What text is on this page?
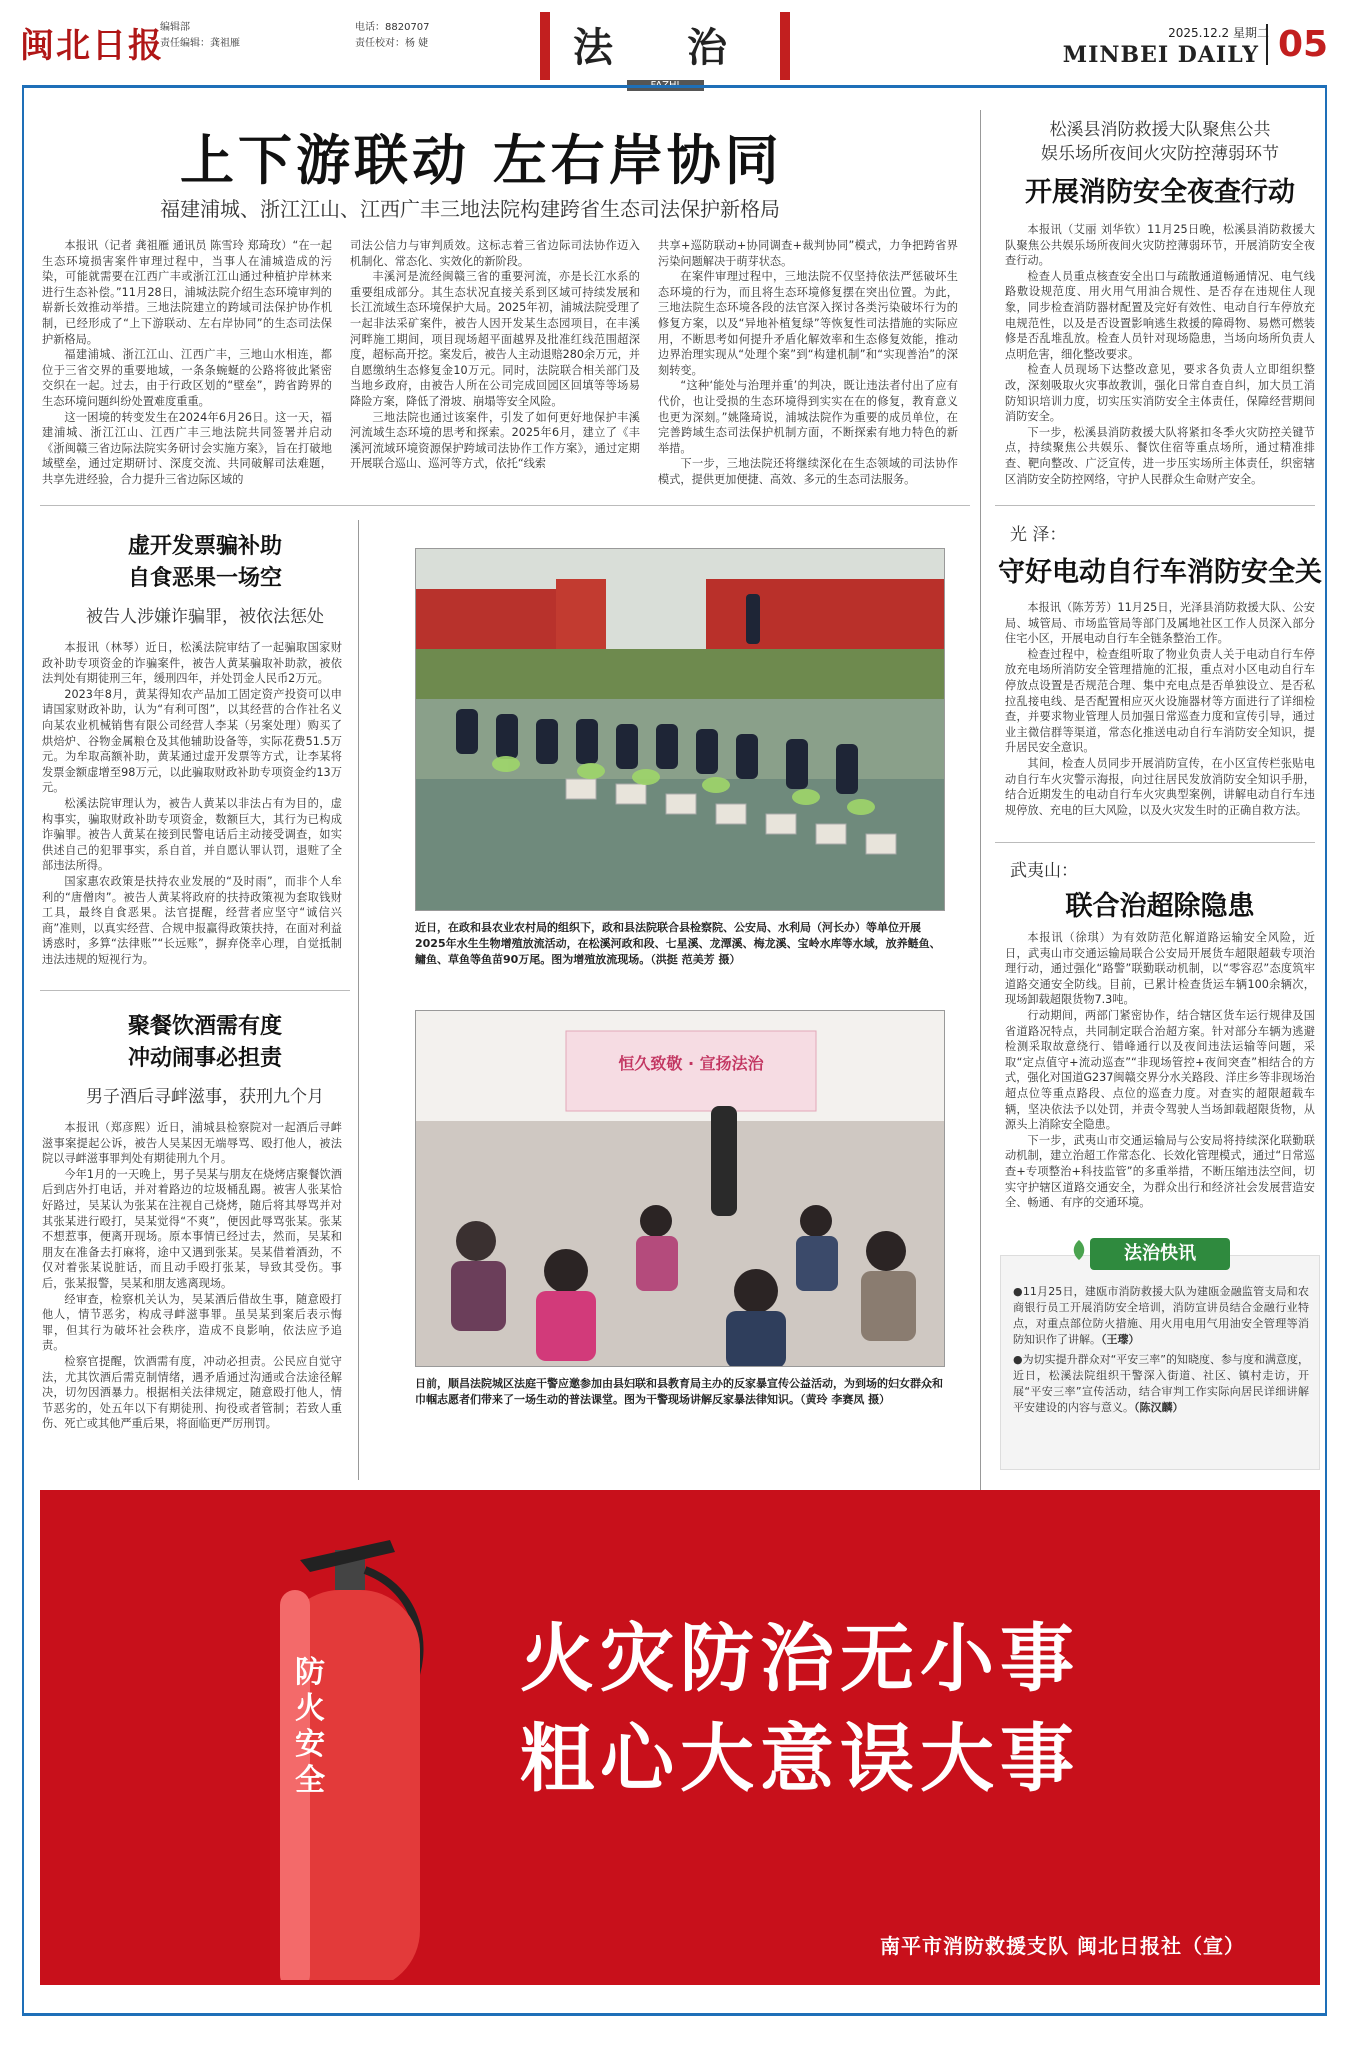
闽北日报
编辑部
责任编辑：龚祖雁
电话：8820707
责任校对：杨 婕	法 治	2025.12.2 星期二
MINBEI DAILY 05
上下游联动 左右岸协同
福建浦城、浙江江山、江西广丰三地法院构建跨省生态司法保护新格局

本报讯（记者 龚祖雁 通讯员 陈雪玲 郑琦玫）“在一起生态环境损害案件审理过程中，当事人在浦城造成的污染，可能就需要在江西广丰或浙江江山通过种植护岸林来进行生态补偿。”11月28日，浦城法院介绍生态环境审判的崭新长效推动举措。三地法院建立的跨域司法保护协作机制，已经形成了“上下游联动、左右岸协同”的生态司法保护新格局。

福建浦城、浙江江山、江西广丰，三地山水相连，都位于三省交界的重要地域，一条条蜿蜒的公路将彼此紧密交织在一起。过去，由于行政区划的“壁垒”，跨省跨界的生态环境问题纠纷处置难度重重。

这一困境的转变发生在2024年6月26日。这一天，福建浦城、浙江江山、江西广丰三地法院共同签署并启动《浙闽赣三省边际法院实务研讨会实施方案》，旨在打破地域壁垒，通过定期研讨、深度交流、共同破解司法难题，共享先进经验，合力提升三省边际区域的

司法公信力与审判质效。这标志着三省边际司法协作迈入机制化、常态化、实效化的新阶段。

丰溪河是流经闽赣三省的重要河流，亦是长江水系的重要组成部分。其生态状况直接关系到区域可持续发展和长江流域生态环境保护大局。2025年初，浦城法院受理了一起非法采矿案件，被告人因开发某生态园项目，在丰溪河畔施工期间，项目现场超平面越界及批准红线范围超深度，超标高开挖。案发后，被告人主动退赔280余万元，并自愿缴纳生态修复金10万元。同时，法院联合相关部门及当地乡政府，由被告人所在公司完成回园区回填等等场易降险方案，降低了滑坡、崩塌等安全风险。

三地法院也通过该案件，引发了如何更好地保护丰溪河流域生态环境的思考和探索。2025年6月，建立了《丰溪河流域环境资源保护跨域司法协作工作方案》，通过定期开展联合巡山、巡河等方式，依托“线索

共享+巡防联动+协同调查+裁判协同”模式，力争把跨省界污染问题解决于萌芽状态。

在案件审理过程中，三地法院不仅坚持依法严惩破坏生态环境的行为，而且将生态环境修复摆在突出位置。为此，三地法院生态环境各段的法官深入探讨各类污染破坏行为的修复方案，以及“异地补植复绿”等恢复性司法措施的实际应用，不断思考如何提升矛盾化解效率和生态修复效能，推动边界治理实现从“处理个案”到“构建机制”和“实现善治”的深刻转变。

“这种‘能处与治理并重’的判决，既让违法者付出了应有代价，也让受损的生态环境得到实实在在的修复，教育意义也更为深刻。”姚隆琦说，浦城法院作为重要的成员单位，在完善跨域生态司法保护机制方面，不断探索有地力特色的新举措。

下一步，三地法院还将继续深化在生态领域的司法协作模式，提供更加便捷、高效、多元的生态司法服务。

虚开发票骗补助
自食恶果一场空
被告人涉嫌诈骗罪，被依法惩处

本报讯（林琴）近日，松溪法院审结了一起骗取国家财政补助专项资金的诈骗案件，被告人黄某骗取补助款，被依法判处有期徒刑三年，缓刑四年，并处罚金人民币2万元。

2023年8月，黄某得知农产品加工固定资产投资可以申请国家财政补助，认为“有利可图”，以其经营的合作社名义向某农业机械销售有限公司经营人李某（另案处理）购买了烘焙炉、谷物金属粮仓及其他辅助设备等，实际花费51.5万元。为牟取高额补助，黄某通过虚开发票等方式，让李某将发票金额虚增至98万元，以此骗取财政补助专项资金约13万元。

松溪法院审理认为，被告人黄某以非法占有为目的，虚构事实，骗取财政补助专项资金，数额巨大，其行为已构成诈骗罪。被告人黄某在接到民警电话后主动接受调查，如实供述自己的犯罪事实，系自首，并自愿认罪认罚，退赃了全部违法所得。

国家惠农政策是扶持农业发展的“及时雨”，而非个人牟利的“唐僧肉”。被告人黄某将政府的扶持政策视为套取钱财工具，最终自食恶果。法官提醒，经营者应坚守“诚信兴商”准则，以真实经营、合规申报赢得政策扶持，在面对利益诱惑时，多算“法律账”“长远账”，摒弃侥幸心理，自觉抵制违法违规的短视行为。

聚餐饮酒需有度
冲动闹事必担责
男子酒后寻衅滋事，获刑九个月

本报讯（郑彦熙）近日，浦城县检察院对一起酒后寻衅滋事案提起公诉，被告人吴某因无端辱骂、殴打他人，被法院以寻衅滋事罪判处有期徒刑九个月。

今年1月的一天晚上，男子吴某与朋友在烧烤店聚餐饮酒后到店外打电话，并对着路边的垃圾桶乱踢。被害人张某恰好路过，吴某认为张某在注视自己烧烤，随后将其辱骂并对其张某进行殴打，吴某觉得“不爽”，便因此辱骂张某。张某不想惹事，便离开现场。原本事情已经过去，然而，吴某和朋友在准备去打麻将，途中又遇到张某。吴某借着酒劲，不仅对着张某说脏话，而且动手殴打张某，导致其受伤。事后，张某报警，吴某和朋友逃离现场。

经审查，检察机关认为，吴某酒后借故生事，随意殴打他人，情节恶劣，构成寻衅滋事罪。虽吴某到案后表示悔罪，但其行为破坏社会秩序，造成不良影响，依法应予追责。

检察官提醒，饮酒需有度，冲动必担责。公民应自觉守法，尤其饮酒后需克制情绪，遇矛盾通过沟通或合法途径解决，切勿因酒暴力。根据相关法律规定，随意殴打他人，情节恶劣的，处五年以下有期徒刑、拘役或者管制；若致人重伤、死亡或其他严重后果，将面临更严厉刑罚。

近日，在政和县农业农村局的组织下，政和县法院联合县检察院、公安局、水利局（河长办）等单位开展2025年水生生物增殖放流活动，在松溪河政和段、七星溪、龙潭溪、梅龙溪、宝岭水库等水域，放养鲢鱼、鳙鱼、草鱼等鱼苗90万尾。图为增殖放流现场。（洪挺 范美芳 摄）
恒久致敬 · 宣扬法治
日前，顺昌法院城区法庭干警应邀参加由县妇联和县教育局主办的反家暴宣传公益活动，为到场的妇女群众和巾帼志愿者们带来了一场生动的普法课堂。图为干警现场讲解反家暴法律知识。（黄玲 李赛凤 摄）
松溪县消防救援大队聚焦公共
娱乐场所夜间火灾防控薄弱环节
开展消防安全夜查行动

本报讯（艾丽 刘华钦）11月25日晚，松溪县消防救援大队聚焦公共娱乐场所夜间火灾防控薄弱环节，开展消防安全夜查行动。

检查人员重点核查安全出口与疏散通道畅通情况、电气线路敷设规范度、用火用气用油合规性、是否存在违规住人现象，同步检查消防器材配置及完好有效性、电动自行车停放充电规范性，以及是否设置影响逃生救援的障碍物、易燃可燃装修是否乱堆乱放。检查人员针对现场隐患，当场向场所负责人点明危害，细化整改要求。

检查人员现场下达整改意见，要求各负责人立即组织整改，深刻吸取火灾事故教训，强化日常自查自纠，加大员工消防知识培训力度，切实压实消防安全主体责任，保障经营期间消防安全。

下一步，松溪县消防救援大队将紧扣冬季火灾防控关键节点，持续聚焦公共娱乐、餐饮住宿等重点场所，通过精准排查、靶向整改、广泛宣传，进一步压实场所主体责任，织密辖区消防安全防控网络，守护人民群众生命财产安全。

光 泽：
守好电动自行车消防安全关

本报讯（陈芳芳）11月25日，光泽县消防救援大队、公安局、城管局、市场监管局等部门及属地社区工作人员深入部分住宅小区，开展电动自行车全链条整治工作。

检查过程中，检查组听取了物业负责人关于电动自行车停放充电场所消防安全管理措施的汇报，重点对小区电动自行车停放点设置是否规范合理、集中充电点是否单独设立、是否私拉乱接电线、是否配置相应灭火设施器材等方面进行了详细检查，并要求物业管理人员加强日常巡查力度和宣传引导，通过业主微信群等渠道，常态化推送电动自行车消防安全知识，提升居民安全意识。

其间，检查人员同步开展消防宣传，在小区宣传栏张贴电动自行车火灾警示海报，向过往居民发放消防安全知识手册，结合近期发生的电动自行车火灾典型案例，讲解电动自行车违规停放、充电的巨大风险，以及火灾发生时的正确自救方法。

武夷山：
联合治超除隐患

本报讯（徐琪）为有效防范化解道路运输安全风险，近日，武夷山市交通运输局联合公安局开展货车超限超载专项治理行动，通过强化“路警”联勤联动机制，以“零容忍”态度筑牢道路交通安全防线。目前，已累计检查货运车辆100余辆次，现场卸载超限货物7.3吨。

行动期间，两部门紧密协作，结合辖区货车运行规律及国省道路况特点，共同制定联合治超方案。针对部分车辆为逃避检测采取故意绕行、错峰通行以及夜间违法运输等问题，采取“定点值守+流动巡查”“非现场管控+夜间突查”相结合的方式，强化对国道G237闽赣交界分水关路段、洋庄乡等非现场治超点位等重点路段、点位的巡查力度。对查实的超限超载车辆，坚决依法予以处罚，并责令驾驶人当场卸载超限货物，从源头上消除安全隐患。

下一步，武夷山市交通运输局与公安局将持续深化联勤联动机制，建立治超工作常态化、长效化管理模式，通过“日常巡查+专项整治+科技监管”的多重举措，不断压缩违法空间，切实守护辖区道路交通安全，为群众出行和经济社会发展营造安全、畅通、有序的交通环境。

●11月25日，建瓯市消防救援大队为建瓯金融监管支局和农商银行员工开展消防安全培训，消防宣讲员结合金融行业特点，对重点部位防火措施、用火用电用气用油安全管理等消防知识作了讲解。（王瓈）
●为切实提升群众对“平安三率”的知晓度、参与度和满意度，近日，松溪法院组织干警深入街道、社区、镇村走访，开展“平安三率”宣传活动，结合审判工作实际向居民详细讲解平安建设的内容与意义。（陈汉麟）
法治快讯
防火安全
火灾防治无小事
粗心大意误大事
南平市消防救援支队 闽北日报社（宣）
